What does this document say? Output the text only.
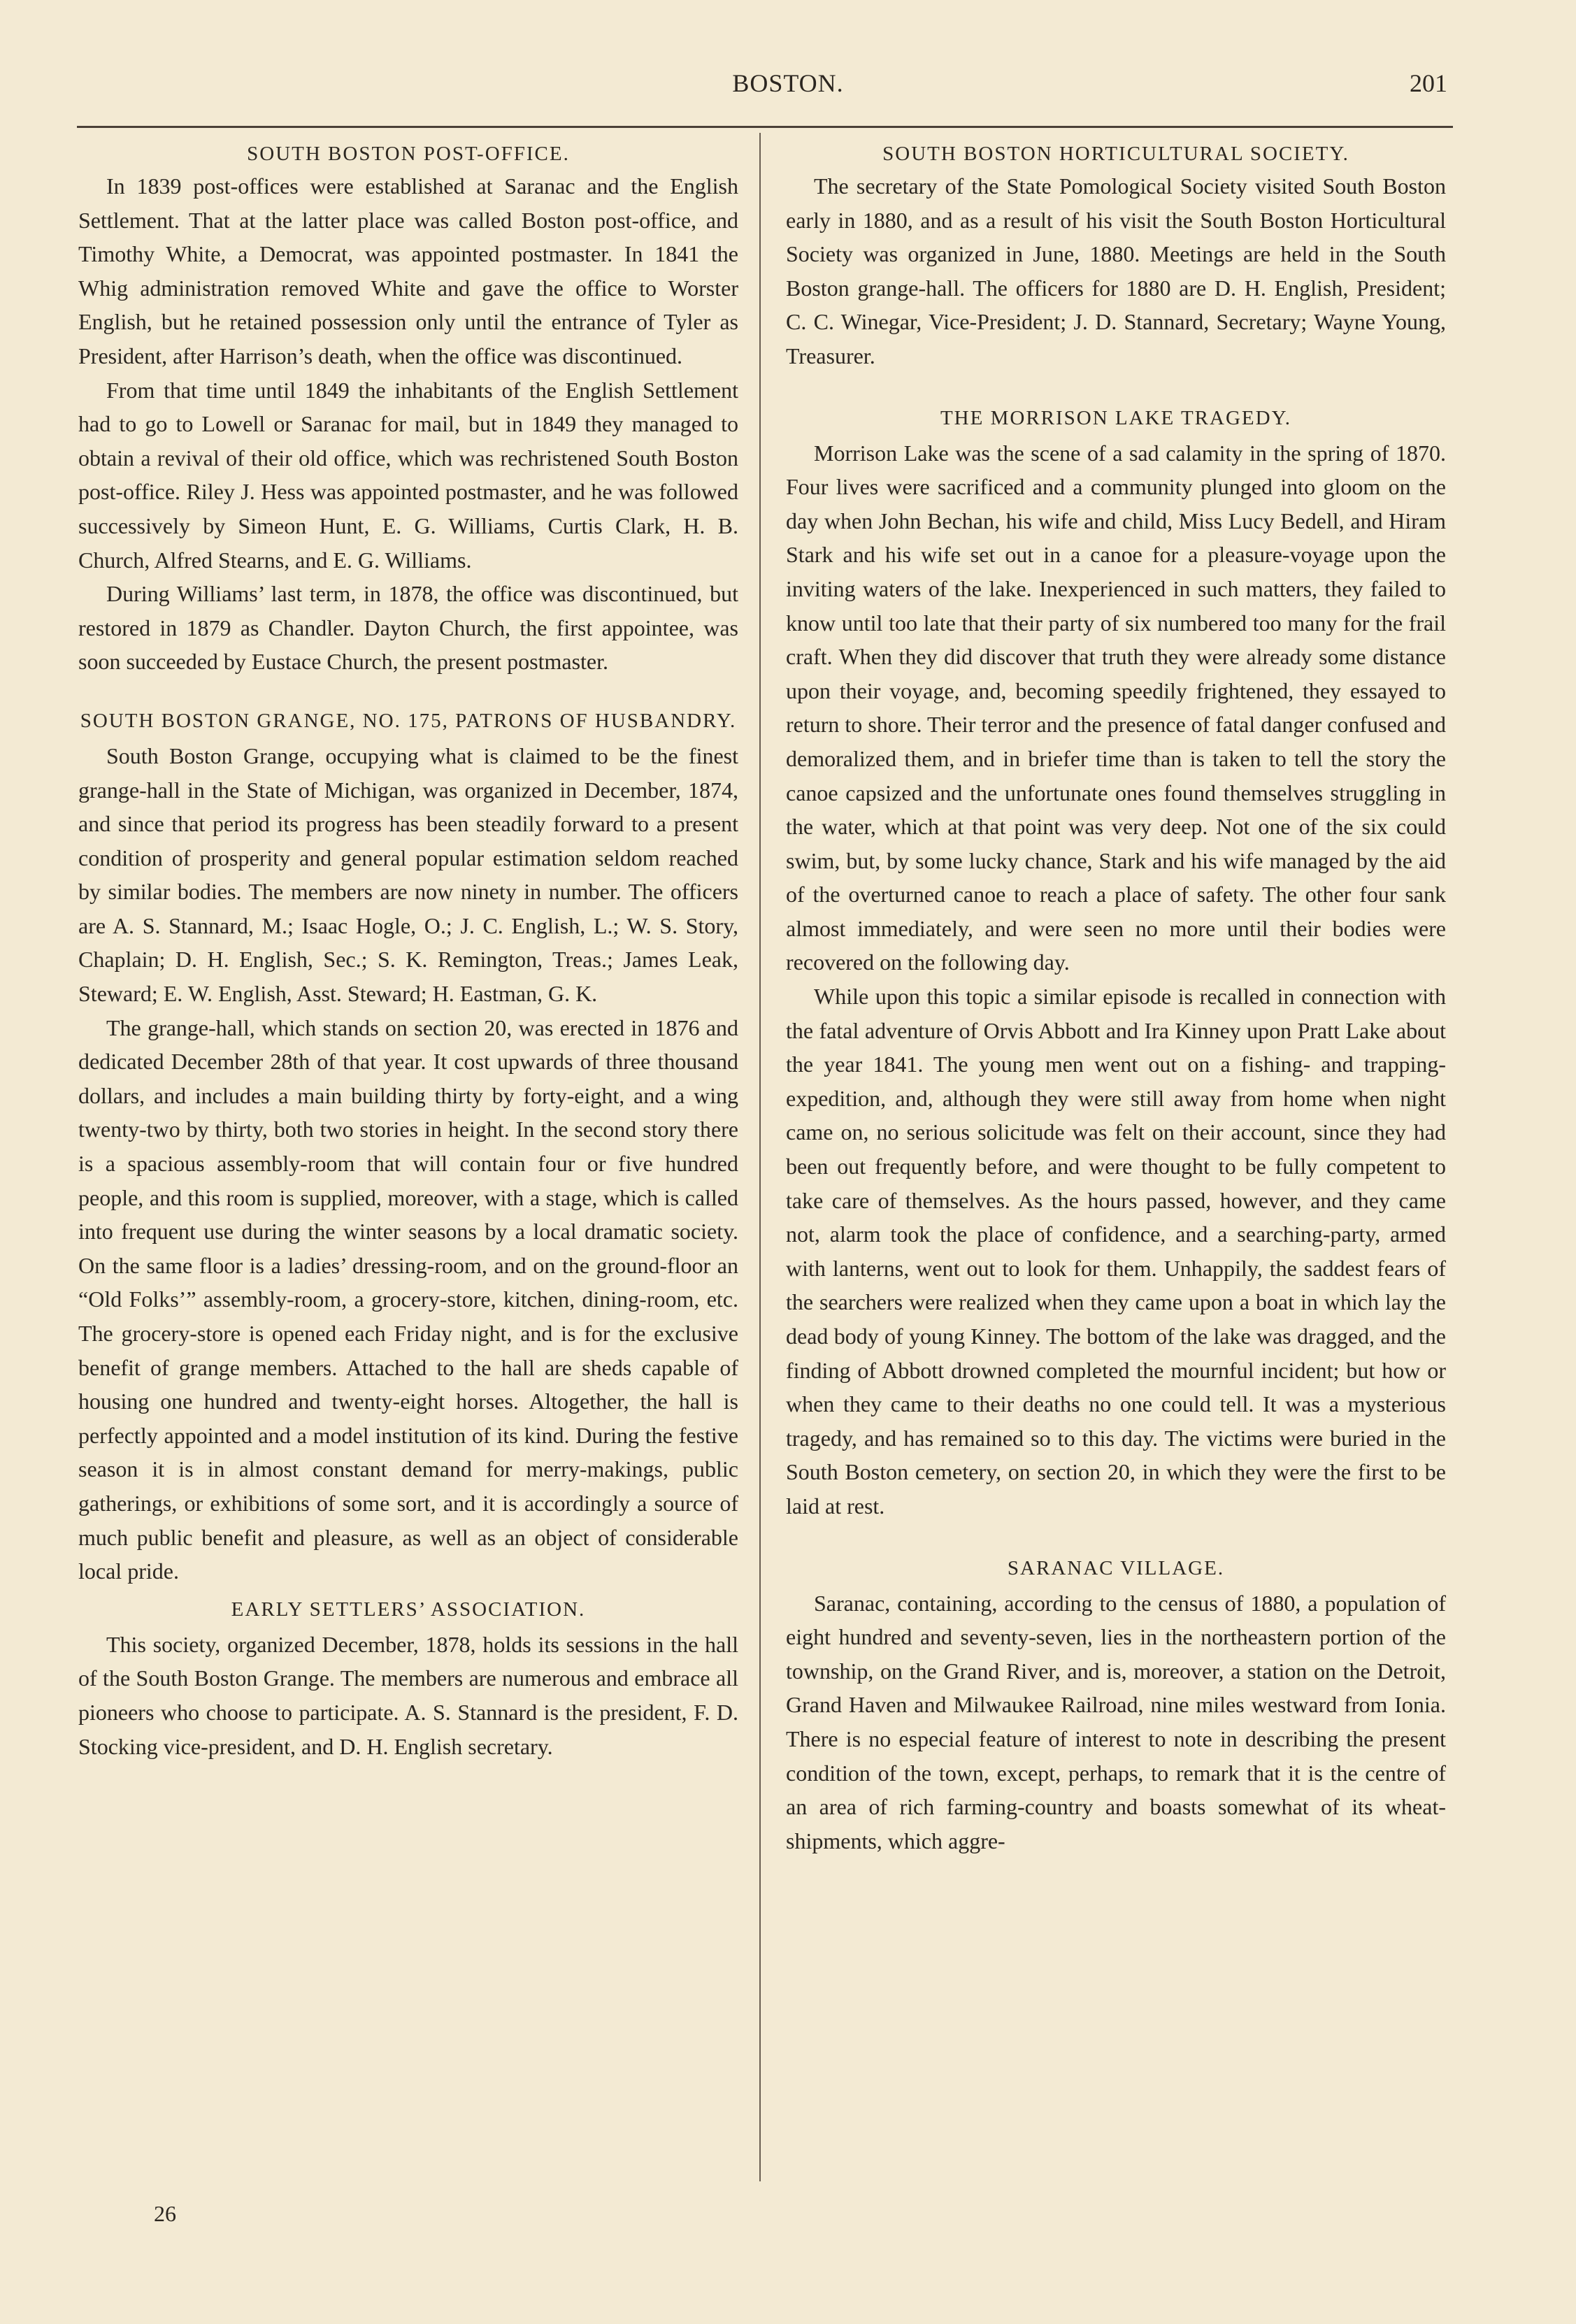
BOSTON.	201
SOUTH BOSTON POST-OFFICE.

In 1839 post-offices were established at Saranac and the English Settlement. That at the latter place was called Boston post-office, and Timothy White, a Democrat, was appointed postmaster. In 1841 the Whig administration removed White and gave the office to Worster English, but he retained possession only until the entrance of Tyler as President, after Harrison’s death, when the office was discontinued.

From that time until 1849 the inhabitants of the English Settlement had to go to Lowell or Saranac for mail, but in 1849 they managed to obtain a revival of their old office, which was rechristened South Boston post-office. Riley J. Hess was appointed postmaster, and he was followed successively by Simeon Hunt, E. G. Williams, Curtis Clark, H. B. Church, Alfred Stearns, and E. G. Williams.

During Williams’ last term, in 1878, the office was discontinued, but restored in 1879 as Chandler. Dayton Church, the first appointee, was soon succeeded by Eustace Church, the present postmaster.

SOUTH BOSTON GRANGE, NO. 175, PATRONS OF HUSBANDRY.

South Boston Grange, occupying what is claimed to be the finest grange-hall in the State of Michigan, was organized in December, 1874, and since that period its progress has been steadily forward to a present condition of prosperity and general popular estimation seldom reached by similar bodies. The members are now ninety in number. The officers are A. S. Stannard, M.; Isaac Hogle, O.; J. C. English, L.; W. S. Story, Chaplain; D. H. English, Sec.; S. K. Remington, Treas.; James Leak, Steward; E. W. English, Asst. Steward; H. Eastman, G. K.

The grange-hall, which stands on section 20, was erected in 1876 and dedicated December 28th of that year. It cost upwards of three thousand dollars, and includes a main building thirty by forty-eight, and a wing twenty-two by thirty, both two stories in height. In the second story there is a spacious assembly-room that will contain four or five hundred people, and this room is supplied, moreover, with a stage, which is called into frequent use during the winter seasons by a local dramatic society. On the same floor is a ladies’ dressing-room, and on the ground-floor an “Old Folks’” assembly-room, a grocery-store, kitchen, dining-room, etc. The grocery-store is opened each Friday night, and is for the exclusive benefit of grange members. Attached to the hall are sheds capable of housing one hundred and twenty-eight horses. Altogether, the hall is perfectly appointed and a model institution of its kind. During the festive season it is in almost constant demand for merry-makings, public gatherings, or exhibitions of some sort, and it is accordingly a source of much public benefit and pleasure, as well as an object of considerable local pride.

EARLY SETTLERS’ ASSOCIATION.

This society, organized December, 1878, holds its sessions in the hall of the South Boston Grange. The members are numerous and embrace all pioneers who choose to participate. A. S. Stannard is the president, F. D. Stocking vice-president, and D. H. English secretary.

SOUTH BOSTON HORTICULTURAL SOCIETY.

The secretary of the State Pomological Society visited South Boston early in 1880, and as a result of his visit the South Boston Horticultural Society was organized in June, 1880. Meetings are held in the South Boston grange-hall. The officers for 1880 are D. H. English, President; C. C. Winegar, Vice-President; J. D. Stannard, Secretary; Wayne Young, Treasurer.

THE MORRISON LAKE TRAGEDY.

Morrison Lake was the scene of a sad calamity in the spring of 1870. Four lives were sacrificed and a community plunged into gloom on the day when John Bechan, his wife and child, Miss Lucy Bedell, and Hiram Stark and his wife set out in a canoe for a pleasure-voyage upon the inviting waters of the lake. Inexperienced in such matters, they failed to know until too late that their party of six numbered too many for the frail craft. When they did discover that truth they were already some distance upon their voyage, and, becoming speedily frightened, they essayed to return to shore. Their terror and the presence of fatal danger confused and demoralized them, and in briefer time than is taken to tell the story the canoe capsized and the unfortunate ones found themselves struggling in the water, which at that point was very deep. Not one of the six could swim, but, by some lucky chance, Stark and his wife managed by the aid of the overturned canoe to reach a place of safety. The other four sank almost immediately, and were seen no more until their bodies were recovered on the following day.

While upon this topic a similar episode is recalled in connection with the fatal adventure of Orvis Abbott and Ira Kinney upon Pratt Lake about the year 1841. The young men went out on a fishing- and trapping-expedition, and, although they were still away from home when night came on, no serious solicitude was felt on their account, since they had been out frequently before, and were thought to be fully competent to take care of themselves. As the hours passed, however, and they came not, alarm took the place of confidence, and a searching-party, armed with lanterns, went out to look for them. Unhappily, the saddest fears of the searchers were realized when they came upon a boat in which lay the dead body of young Kinney. The bottom of the lake was dragged, and the finding of Abbott drowned completed the mournful incident; but how or when they came to their deaths no one could tell. It was a mysterious tragedy, and has remained so to this day. The victims were buried in the South Boston cemetery, on section 20, in which they were the first to be laid at rest.

SARANAC VILLAGE.

Saranac, containing, according to the census of 1880, a population of eight hundred and seventy-seven, lies in the northeastern portion of the township, on the Grand River, and is, moreover, a station on the Detroit, Grand Haven and Milwaukee Railroad, nine miles westward from Ionia. There is no especial feature of interest to note in describing the present condition of the town, except, perhaps, to remark that it is the centre of an area of rich farming-country and boasts somewhat of its wheat-shipments, which aggre-

26
